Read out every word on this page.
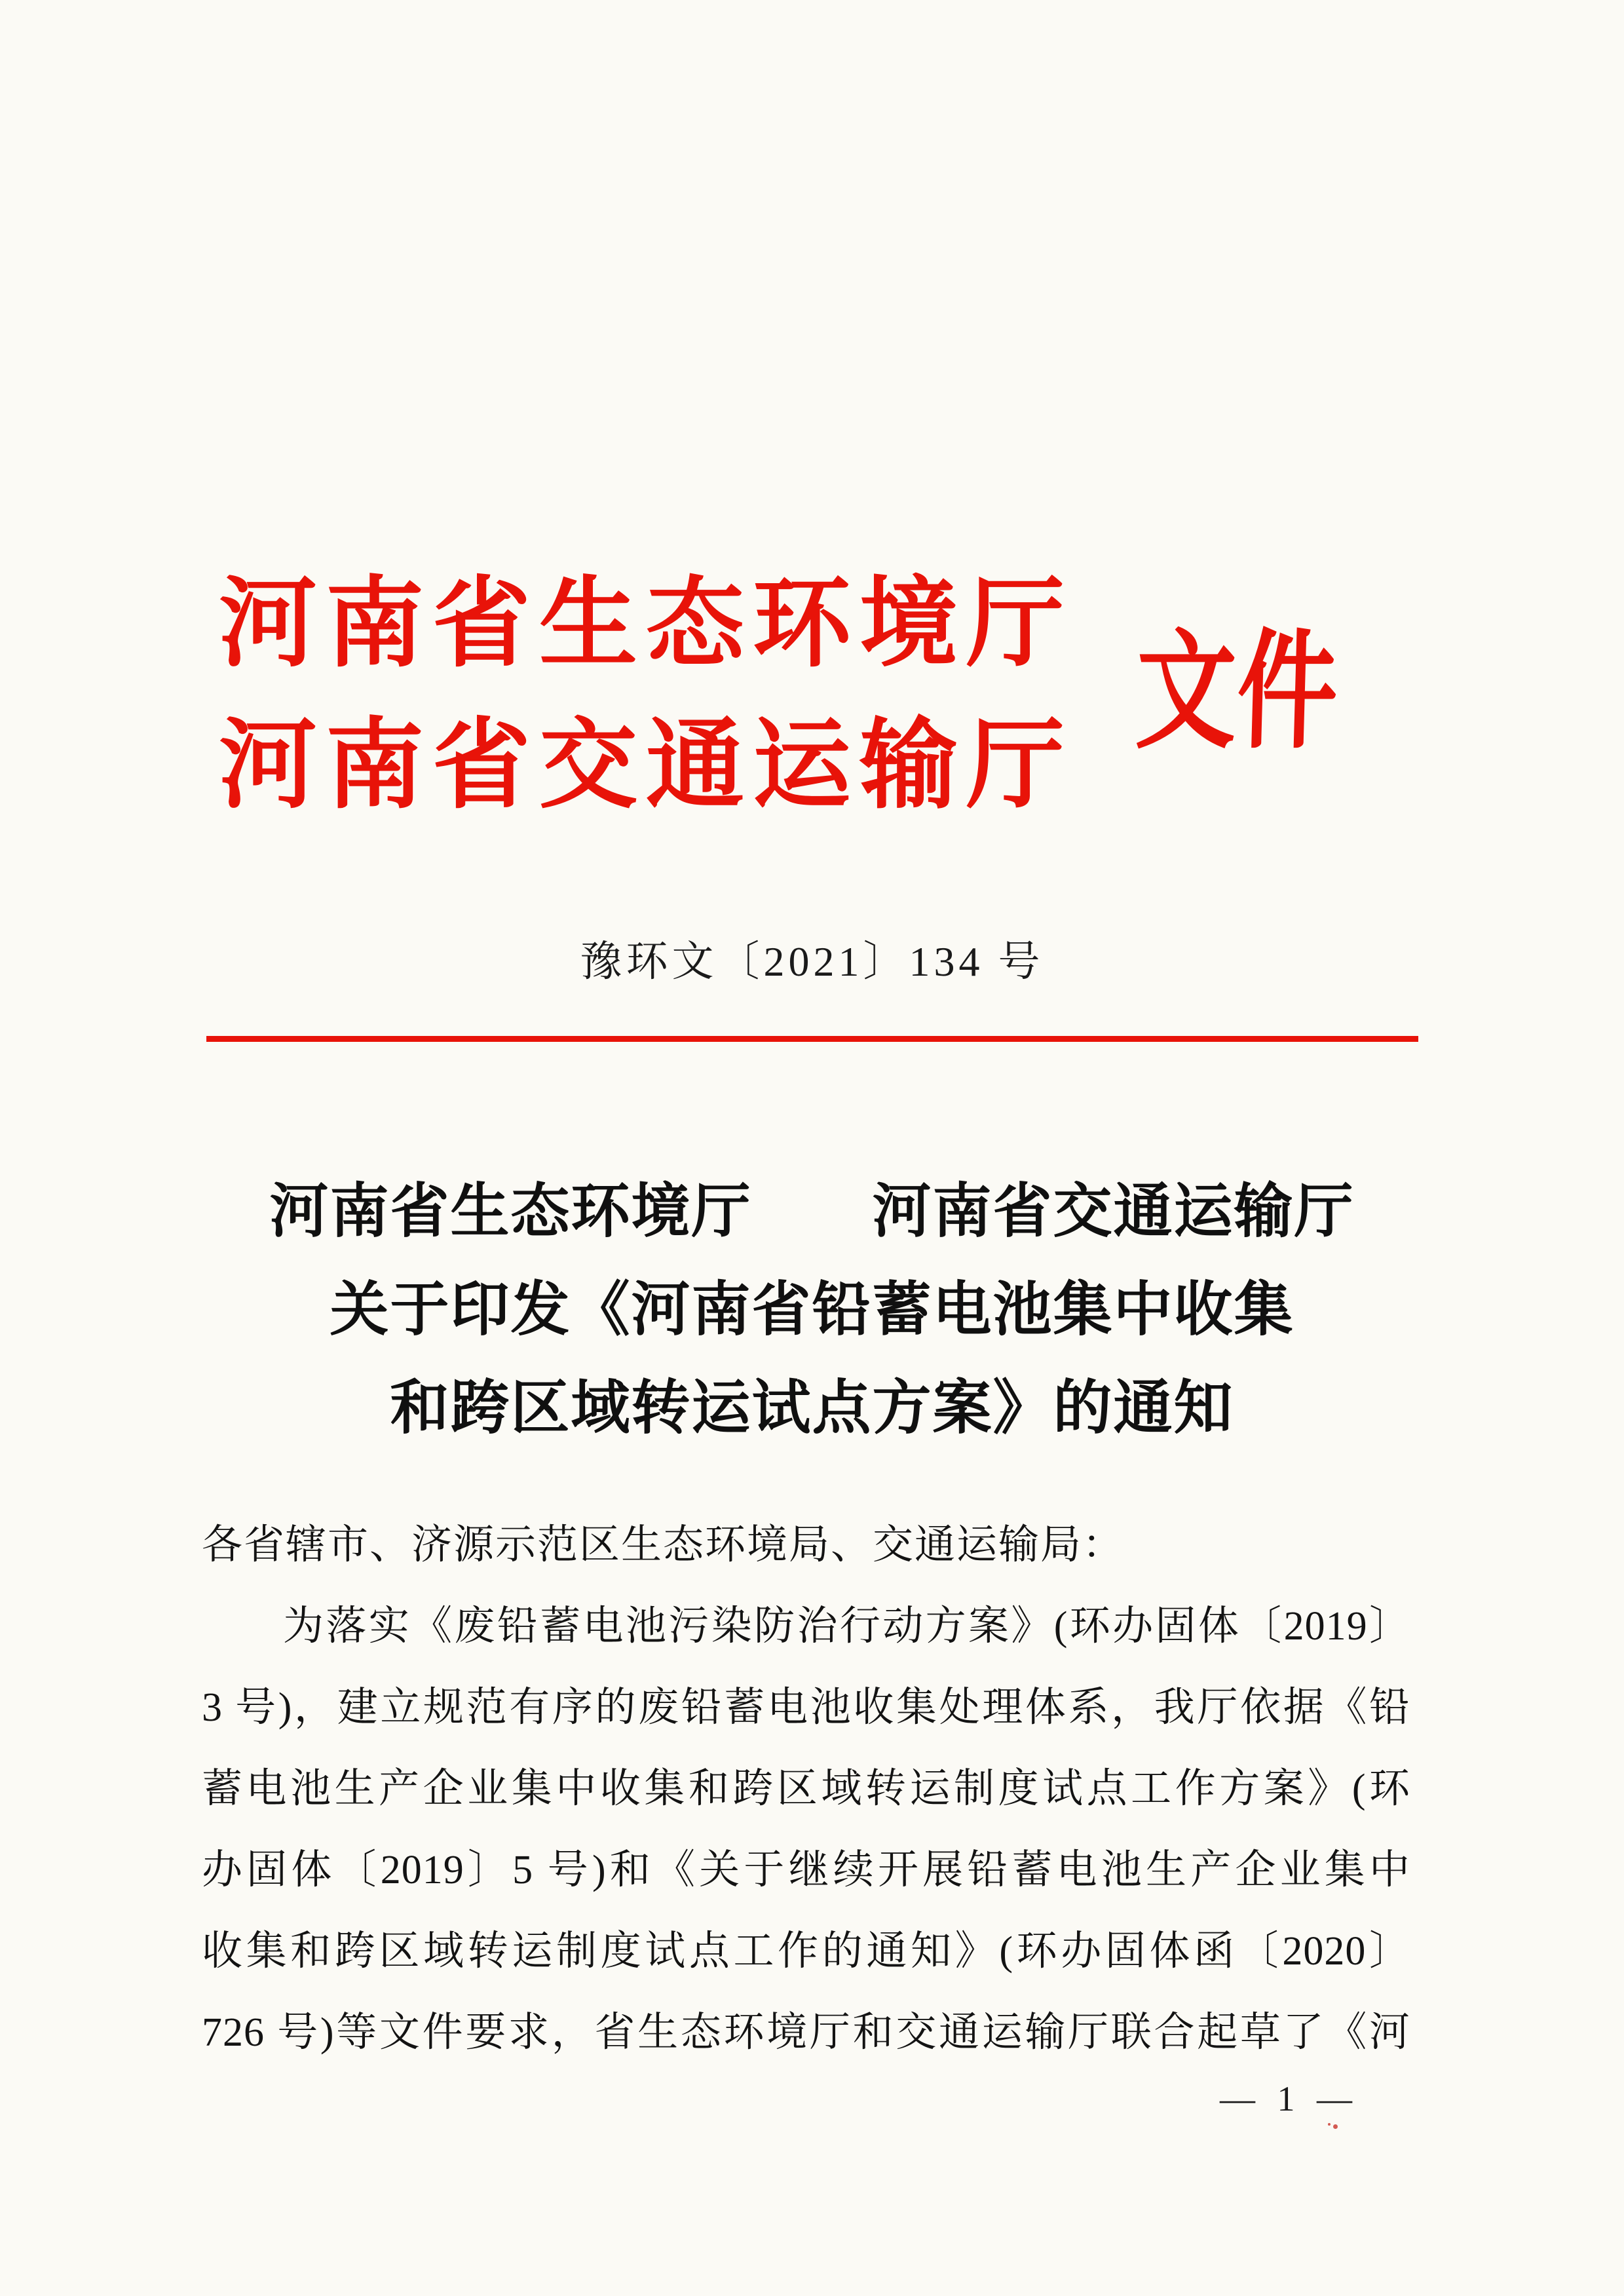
河南省生态环境厅
河南省交通运输厅
文件
豫环文〔2021〕134 号
河南省生态环境厅　　河南省交通运输厅
关于印发《河南省铅蓄电池集中收集
和跨区域转运试点方案》的通知
各省辖市、济源示范区生态环境局、交通运输局：
为落实《废铅蓄电池污染防治行动方案》(环办固体〔2019〕
3 号)，建立规范有序的废铅蓄电池收集处理体系，我厅依据《铅
蓄电池生产企业集中收集和跨区域转运制度试点工作方案》(环
办固体〔2019〕5 号)和《关于继续开展铅蓄电池生产企业集中
收集和跨区域转运制度试点工作的通知》(环办固体函〔2020〕
726 号)等文件要求，省生态环境厅和交通运输厅联合起草了《河
— 1 —
